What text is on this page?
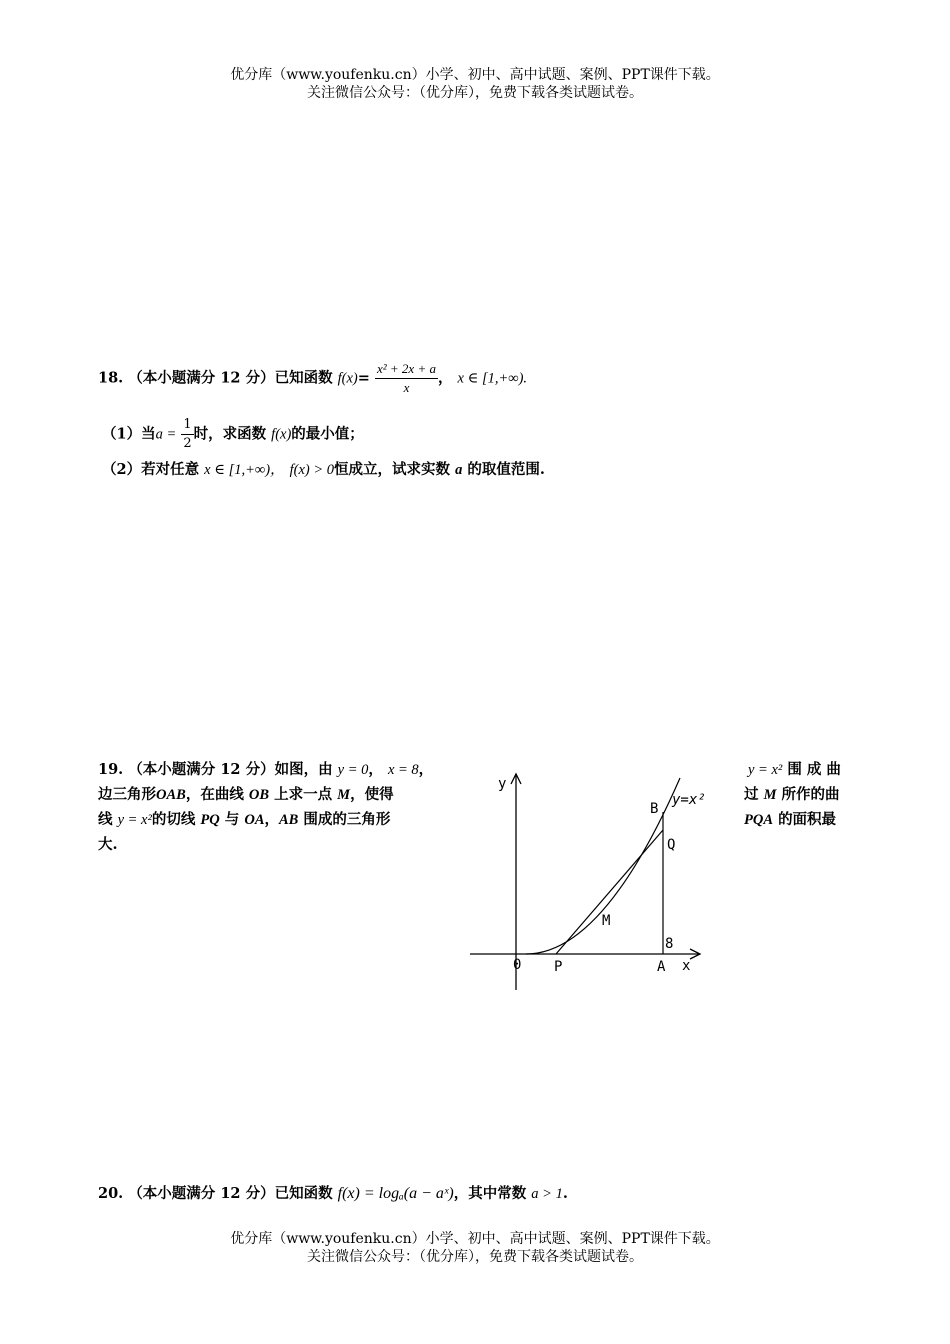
优分库（www.youfenku.cn）小学、初中、高中试题、案例、PPT课件下载。
关注微信公众号：（优分库），免费下载各类试题试卷。
18. （本小题满分 12 分）已知函数 $f(x)= \frac{\text{x² + 2x + a}}{x}$ ， x ∈ [1,+∞).
（1）当$a = \frac{1}{2}$ 时，求函数 f(x)的最小值；
（2）若对任意 x ∈ [1,+∞)， f(x) > 0恒成立，试求实数 a 的取值范围.
19. （本小题满分 12 分）如图，由 y = 0， x = 8，
边三角形OAB，在曲线 OB 上求一点 M，使得
线 y = x²的切线 PQ 与 OA，AB 围成的三角形
大.
y = x² 围 成 曲
过 M 所作的曲
PQA 的面积最
y
x
0 P	A
8
M
Q
B
y=x²
20. （本小题满分 12 分）已知函数 f(x) = logₐ(a − aˣ)，其中常数 a > 1.
优分库（www.youfenku.cn）小学、初中、高中试题、案例、PPT课件下载。
关注微信公众号：（优分库），免费下载各类试题试卷。
